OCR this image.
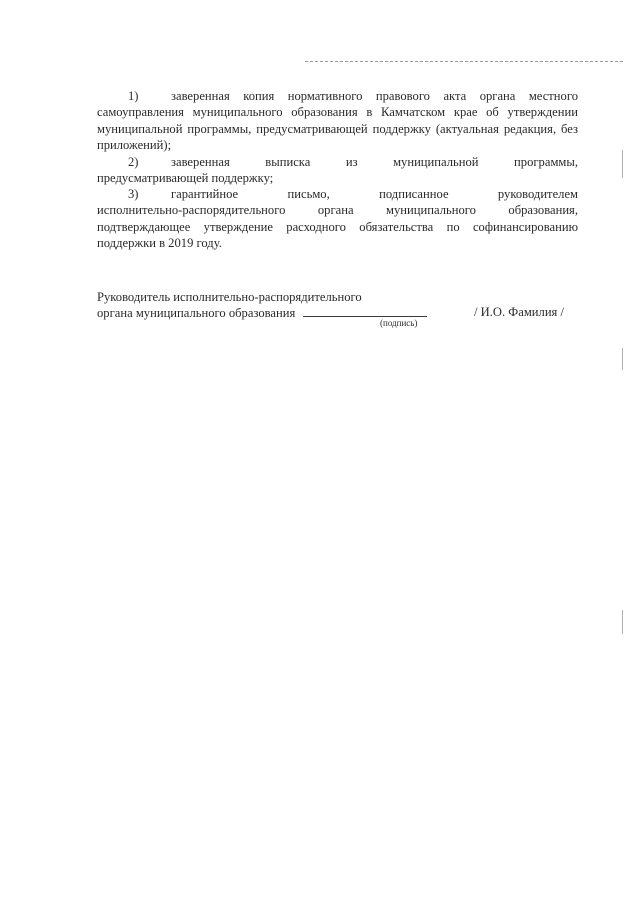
1)	заверенная копия нормативного правового акта органа местного
самоуправления муниципального образования в Камчатском крае об утверждении муниципальной программы, предусматривающей поддержку (актуальная редакция, без приложений);

2)	заверенная выписка из муниципальной программы,
предусматривающей поддержку;

3)	гарантийное письмо, подписанное руководителем
исполнительно-распорядительного органа муниципального образования, подтверждающее утверждение расходного обязательства по софинансированию поддержки в 2019 году.

Руководитель исполнительно-распорядительного
органа муниципального образования	/ И.О. Фамилия /
(подпись)
